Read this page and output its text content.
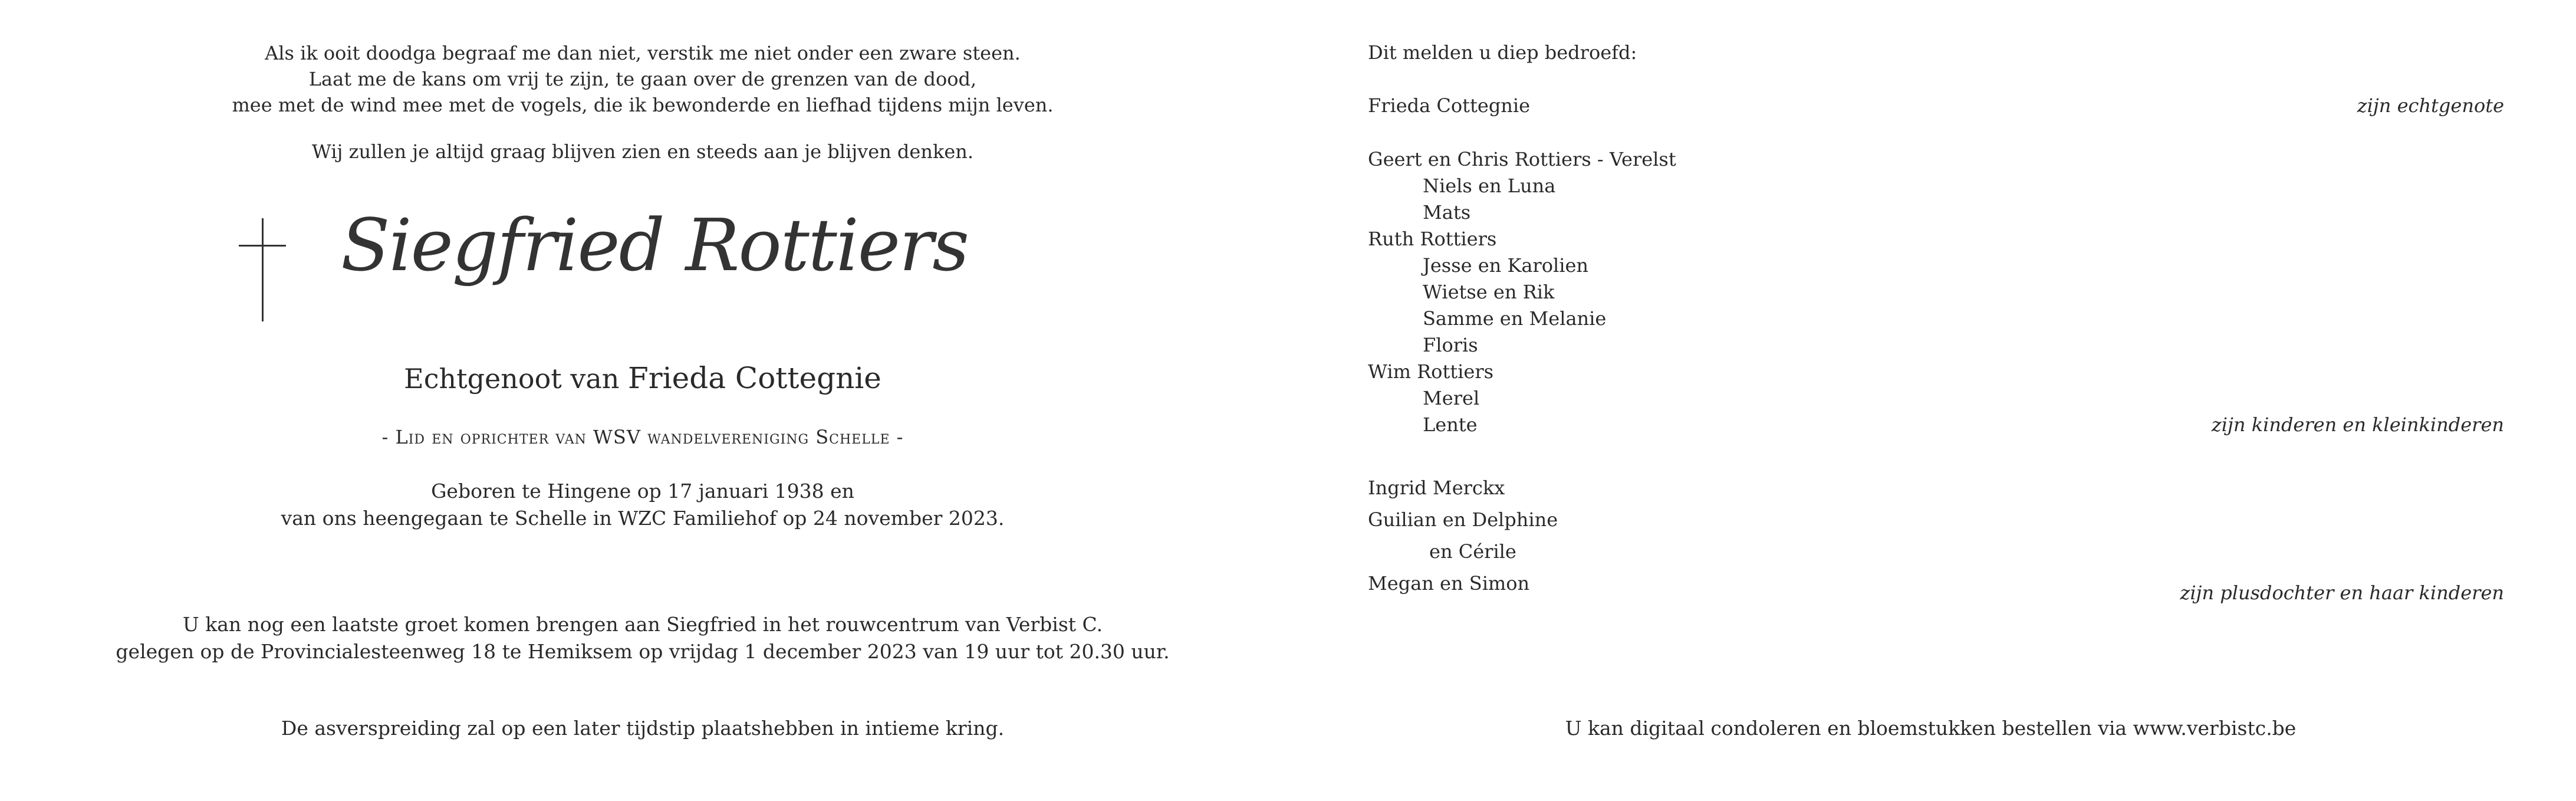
Als ik ooit doodga begraaf me dan niet, verstik me niet onder een zware steen.
Laat me de kans om vrij te zijn, te gaan over de grenzen van de dood,
mee met de wind mee met de vogels, die ik bewonderde en liefhad tijdens mijn leven.
Wij zullen je altijd graag blijven zien en steeds aan je blijven denken.
Siegfried Rottiers
Echtgenoot van Frieda Cottegnie
- Lid en oprichter van WSV wandelvereniging Schelle -
Geboren te Hingene op 17 januari 1938 en
van ons heengegaan te Schelle in WZC Familiehof op 24 november 2023.
U kan nog een laatste groet komen brengen aan Siegfried in het rouwcentrum van Verbist C.
gelegen op de Provincialesteenweg 18 te Hemiksem op vrijdag 1 december 2023 van 19 uur tot 20.30 uur.
De asverspreiding zal op een later tijdstip plaatshebben in intieme kring.
Dit melden u diep bedroefd:
Frieda Cottegnie	zijn echtgenote
Geert en Chris Rottiers - Verelst
Niels en Luna
Mats
Ruth Rottiers
Jesse en Karolien
Wietse en Rik
Samme en Melanie
Floris
Wim Rottiers
Merel
Lente	zijn kinderen en kleinkinderen
Ingrid Merckx
Guilian en Delphine
en Cérile
Megan en Simon	zijn plusdochter en haar kinderen
U kan digitaal condoleren en bloemstukken bestellen via www.verbistc.be
